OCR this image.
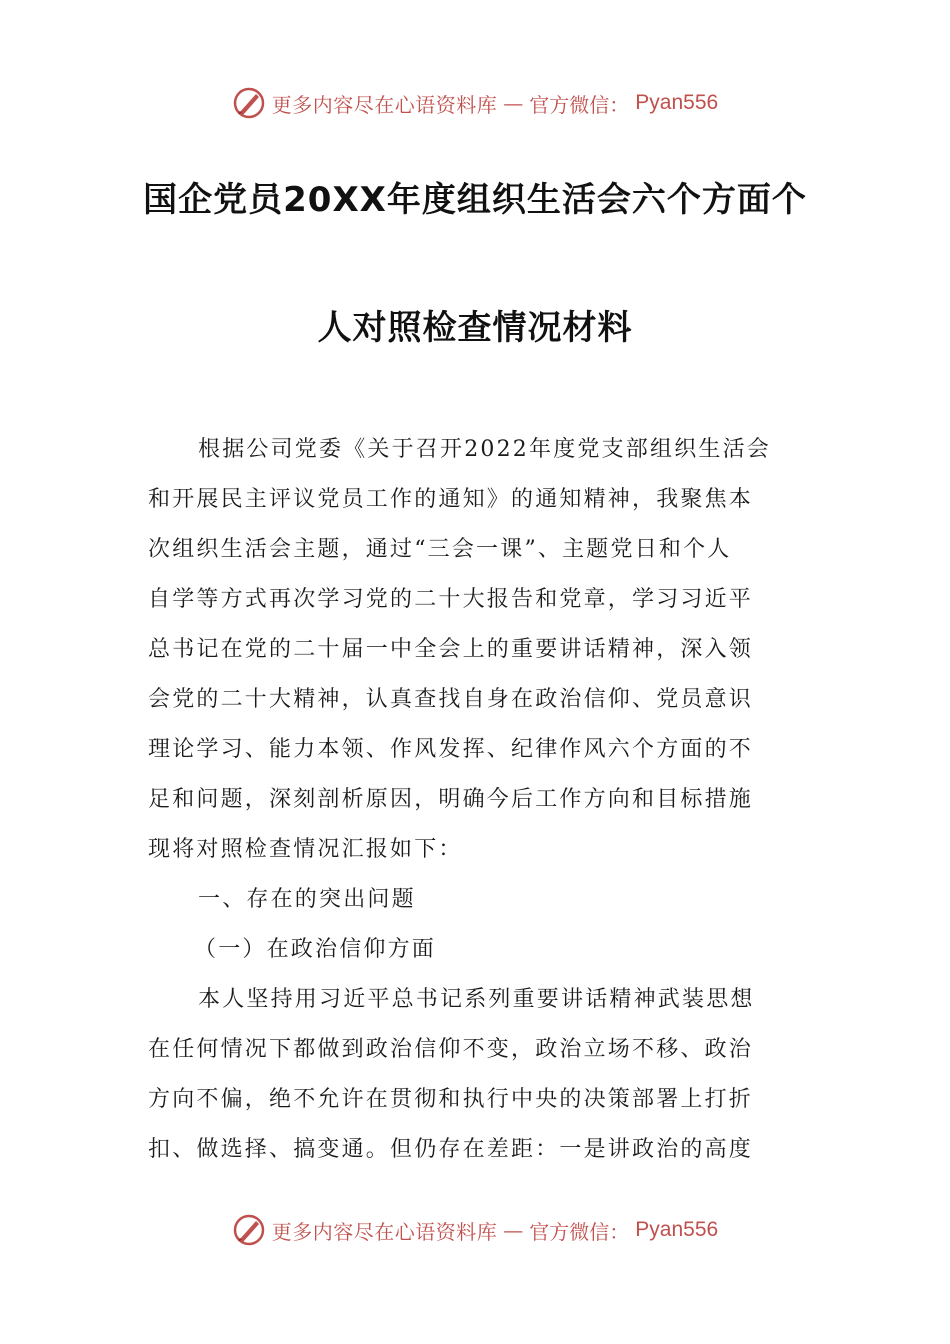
更多内容尽在心语资料库 — 官方微信： Pyan556
国企党员20XX年度组织生活会六个方面个
人对照检查情况材料
根据公司党委《关于召开2022年度党支部组织生活会
和开展民主评议党员工作的通知》的通知精神，我聚焦本
次组织生活会主题，通过“三会一课”、主题党日和个人
自学等方式再次学习党的二十大报告和党章，学习习近平
总书记在党的二十届一中全会上的重要讲话精神，深入领
会党的二十大精神，认真查找自身在政治信仰、党员意识
理论学习、能力本领、作风发挥、纪律作风六个方面的不
足和问题，深刻剖析原因，明确今后工作方向和目标措施
现将对照检查情况汇报如下：
一、存在的突出问题
（一）在政治信仰方面
本人坚持用习近平总书记系列重要讲话精神武装思想
在任何情况下都做到政治信仰不变，政治立场不移、政治
方向不偏，绝不允许在贯彻和执行中央的决策部署上打折
扣、做选择、搞变通。但仍存在差距：一是讲政治的高度
更多内容尽在心语资料库 — 官方微信： Pyan556
